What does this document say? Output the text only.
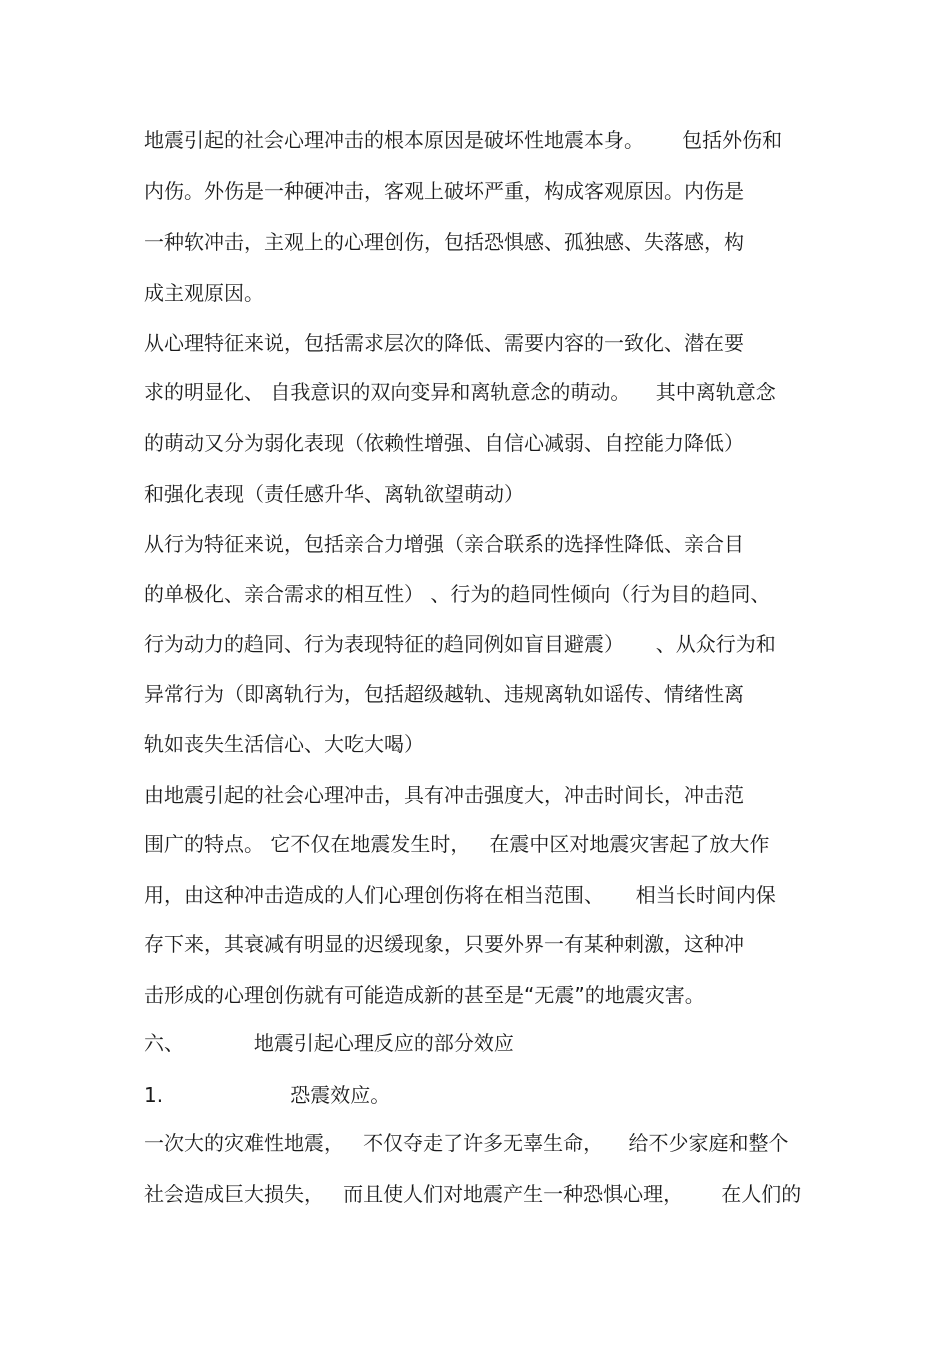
地震引起的社会心理冲击的根本原因是破坏性地震本身。      包括外伤和
内伤。外伤是一种硬冲击，客观上破坏严重，构成客观原因。内伤是
一种软冲击，主观上的心理创伤，包括恐惧感、孤独感、失落感，构
成主观原因。
从心理特征来说，包括需求层次的降低、需要内容的一致化、潜在要
求的明显化、 自我意识的双向变异和离轨意念的萌动。    其中离轨意念
的萌动又分为弱化表现（依赖性增强、自信心减弱、自控能力降低）
和强化表现（责任感升华、离轨欲望萌动）
从行为特征来说，包括亲合力增强（亲合联系的选择性降低、亲合目
的单极化、亲合需求的相互性） 、行为的趋同性倾向（行为目的趋同、
行为动力的趋同、行为表现特征的趋同例如盲目避震）     、从众行为和
异常行为（即离轨行为，包括超级越轨、违规离轨如谣传、情绪性离
轨如丧失生活信心、大吃大喝）
由地震引起的社会心理冲击，具有冲击强度大，冲击时间长，冲击范
围广的特点。 它不仅在地震发生时，   在震中区对地震灾害起了放大作
用，由这种冲击造成的人们心理创伤将在相当范围、     相当长时间内保
存下来，其衰减有明显的迟缓现象，只要外界一有某种刺激，这种冲
击形成的心理创伤就有可能造成新的甚至是“无震”的地震灾害。
六、           地震引起心理反应的部分效应
1.                    恐震效应。
一次大的灾难性地震，   不仅夺走了许多无辜生命，    给不少家庭和整个
社会造成巨大损失，   而且使人们对地震产生一种恐惧心理，      在人们的
